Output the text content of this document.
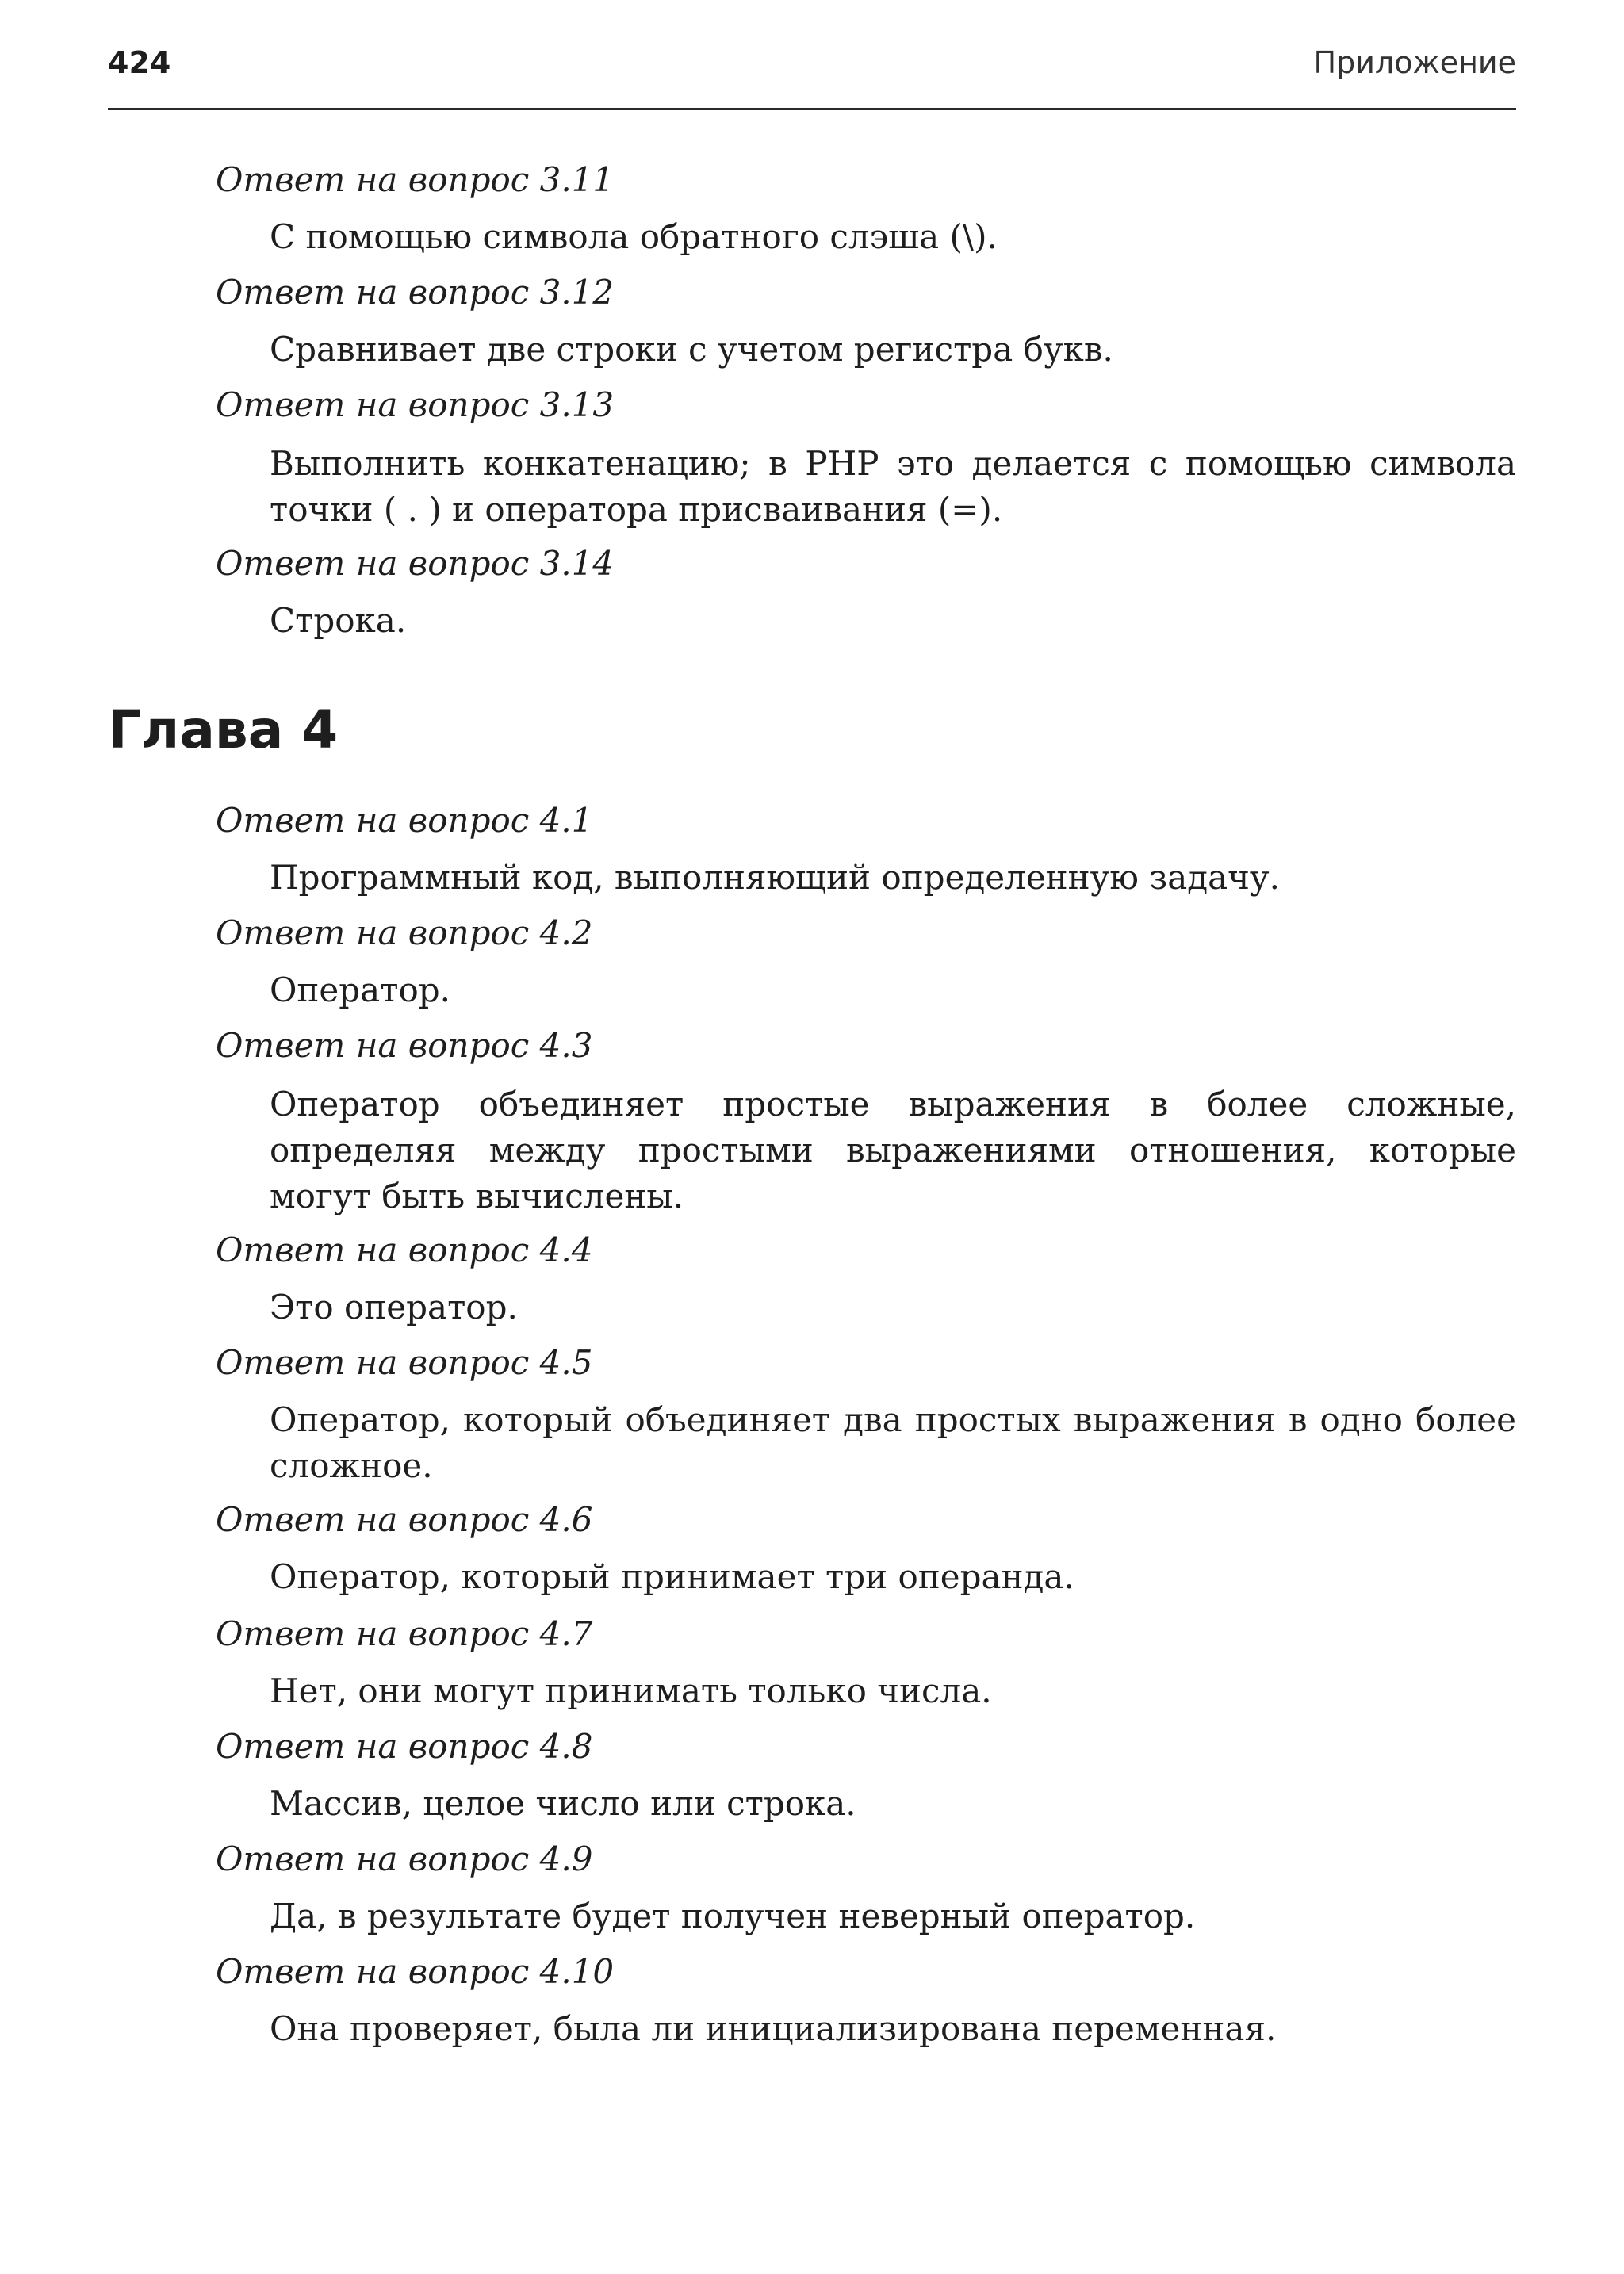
424	Приложение
Ответ на вопрос 3.11
С помощью символа обратного слэша (\).
Ответ на вопрос 3.12
Сравнивает две строки с учетом регистра букв.
Ответ на вопрос 3.13
Выполнить конкатенацию; в PHP это делается с помощью символа точки ( . ) и оператора присваивания (=).
Ответ на вопрос 3.14
Строка.
Глава 4
Ответ на вопрос 4.1
Программный код, выполняющий определенную задачу.
Ответ на вопрос 4.2
Оператор.
Ответ на вопрос 4.3
Оператор объединяет простые выражения в более сложные, определяя между простыми выражениями отношения, которые могут быть вычислены.
Ответ на вопрос 4.4
Это оператор.
Ответ на вопрос 4.5
Оператор, который объединяет два простых выражения в одно более сложное.
Ответ на вопрос 4.6
Оператор, который принимает три операнда.
Ответ на вопрос 4.7
Нет, они могут принимать только числа.
Ответ на вопрос 4.8
Массив, целое число или строка.
Ответ на вопрос 4.9
Да, в результате будет получен неверный оператор.
Ответ на вопрос 4.10
Она проверяет, была ли инициализирована переменная.
